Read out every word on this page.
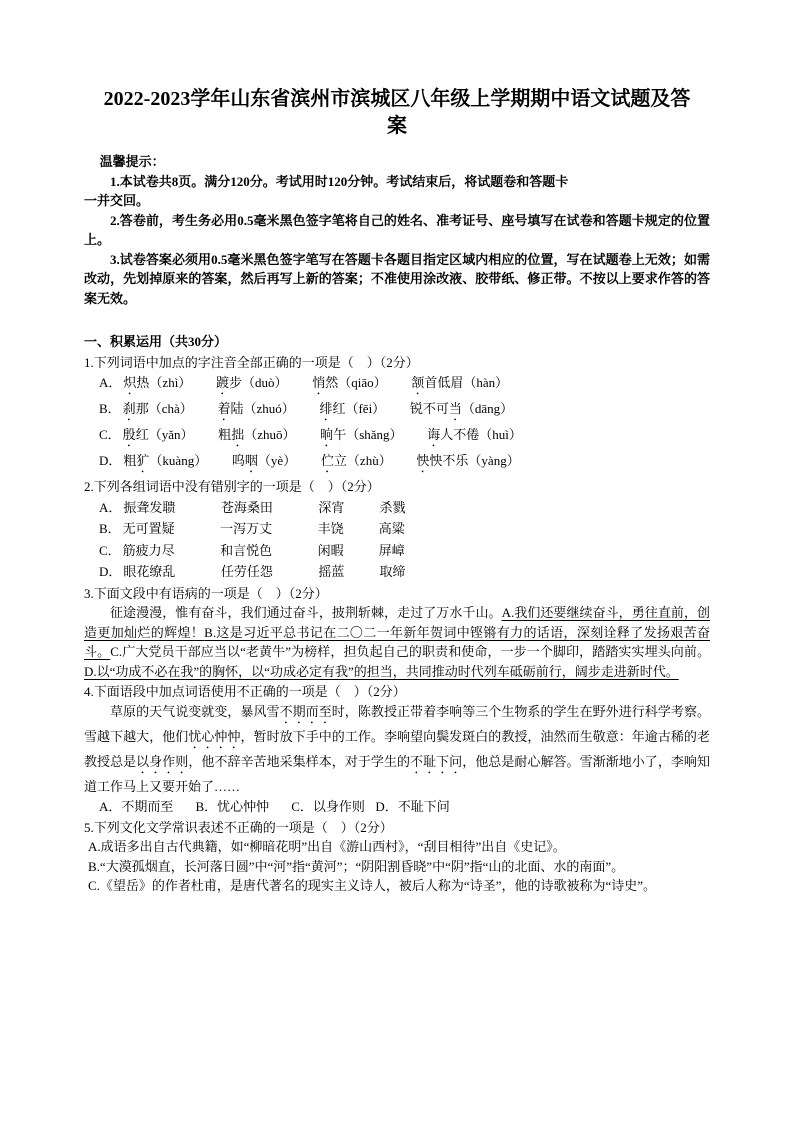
2022-2023学年山东省滨州市滨城区八年级上学期期中语文试题及答
案

温馨提示：

1.本试卷共8页。满分120分。考试用时120分钟。考试结束后，将试题卷和答题卡

一并交回。

2.答卷前，考生务必用0.5毫米黑色签字笔将自己的姓名、准考证号、座号填写在试卷和答题卡规定的位置上。

3.试卷答案必须用0.5毫米黑色签字笔写在答题卡各题目指定区域内相应的位置，写在试题卷上无效；如需改动，先划掉原来的答案，然后再写上新的答案；不准使用涂改液、胶带纸、修正带。不按以上要求作答的答案无效。

一、积累运用（共30分）

1.下列词语中加点的字注音全部正确的一项是（　）（2分）

A． 炽热（zhì） 踱步（duò） 悄然（qiāo） 颔首低眉（hàn）
B． 刹那（chà） 着陆（zhuó） 绯红（fēi） 锐不可当（dāng）
C． 殷红（yǎn） 粗拙（zhuō） 晌午（shǎng） 诲人不倦（huì）
D． 粗犷（kuàng） 呜咽（yè） 伫立（zhù） 怏怏不乐（yàng）

2.下列各组词语中没有错别字的一项是（　）（2分）

A． 振聋发聩	苍海桑田	深宵	杀戮
B． 无可置疑	一泻万丈	丰饶	高粱
C． 筋疲力尽	和言悦色	闲暇	屏嶂
D． 眼花缭乱	任劳任怨	摇蓝	取缔

3.下面文段中有语病的一项是（　）（2分）

征途漫漫，惟有奋斗，我们通过奋斗，披荆斩棘，走过了万水千山。A.我们还要继续奋斗，勇往直前，创造更加灿烂的辉煌！B.这是习近平总书记在二〇二一年新年贺词中铿锵有力的话语，深刻诠释了发扬艰苦奋斗。C.广大党员干部应当以“老黄牛”为榜样，担负起自己的职责和使命，一步一个脚印，踏踏实实埋头向前。D.以“功成不必在我”的胸怀，以“功成必定有我”的担当，共同推动时代列车砥砺前行，阔步走进新时代。

4.下面语段中加点词语使用不正确的一项是（　）（2分）

草原的天气说变就变，暴风雪不期而至时，陈教授正带着李响等三个生物系的学生在野外进行科学考察。雪越下越大，他们忧心忡忡，暂时放下手中的工作。李响望向鬓发斑白的教授，油然而生敬意：年逾古稀的老教授总是以身作则，他不辞辛苦地采集样本，对于学生的不耻下问，他总是耐心解答。雪渐渐地小了，李响知道工作马上又要开始了……

A．不期而至 B．忧心忡忡 C．以身作则 D．不耻下问

5.下列文化文学常识表述不正确的一项是（　）（2分）

A.成语多出自古代典籍，如“柳暗花明”出自《游山西村》，“刮目相待”出自《史记》。

B.“大漠孤烟直，长河落日圆”中“河”指“黄河”；“阴阳割昏晓”中“阴”指“山的北面、水的南面”。

C.《望岳》的作者杜甫，是唐代著名的现实主义诗人，被后人称为“诗圣”，他的诗歌被称为“诗史”。
